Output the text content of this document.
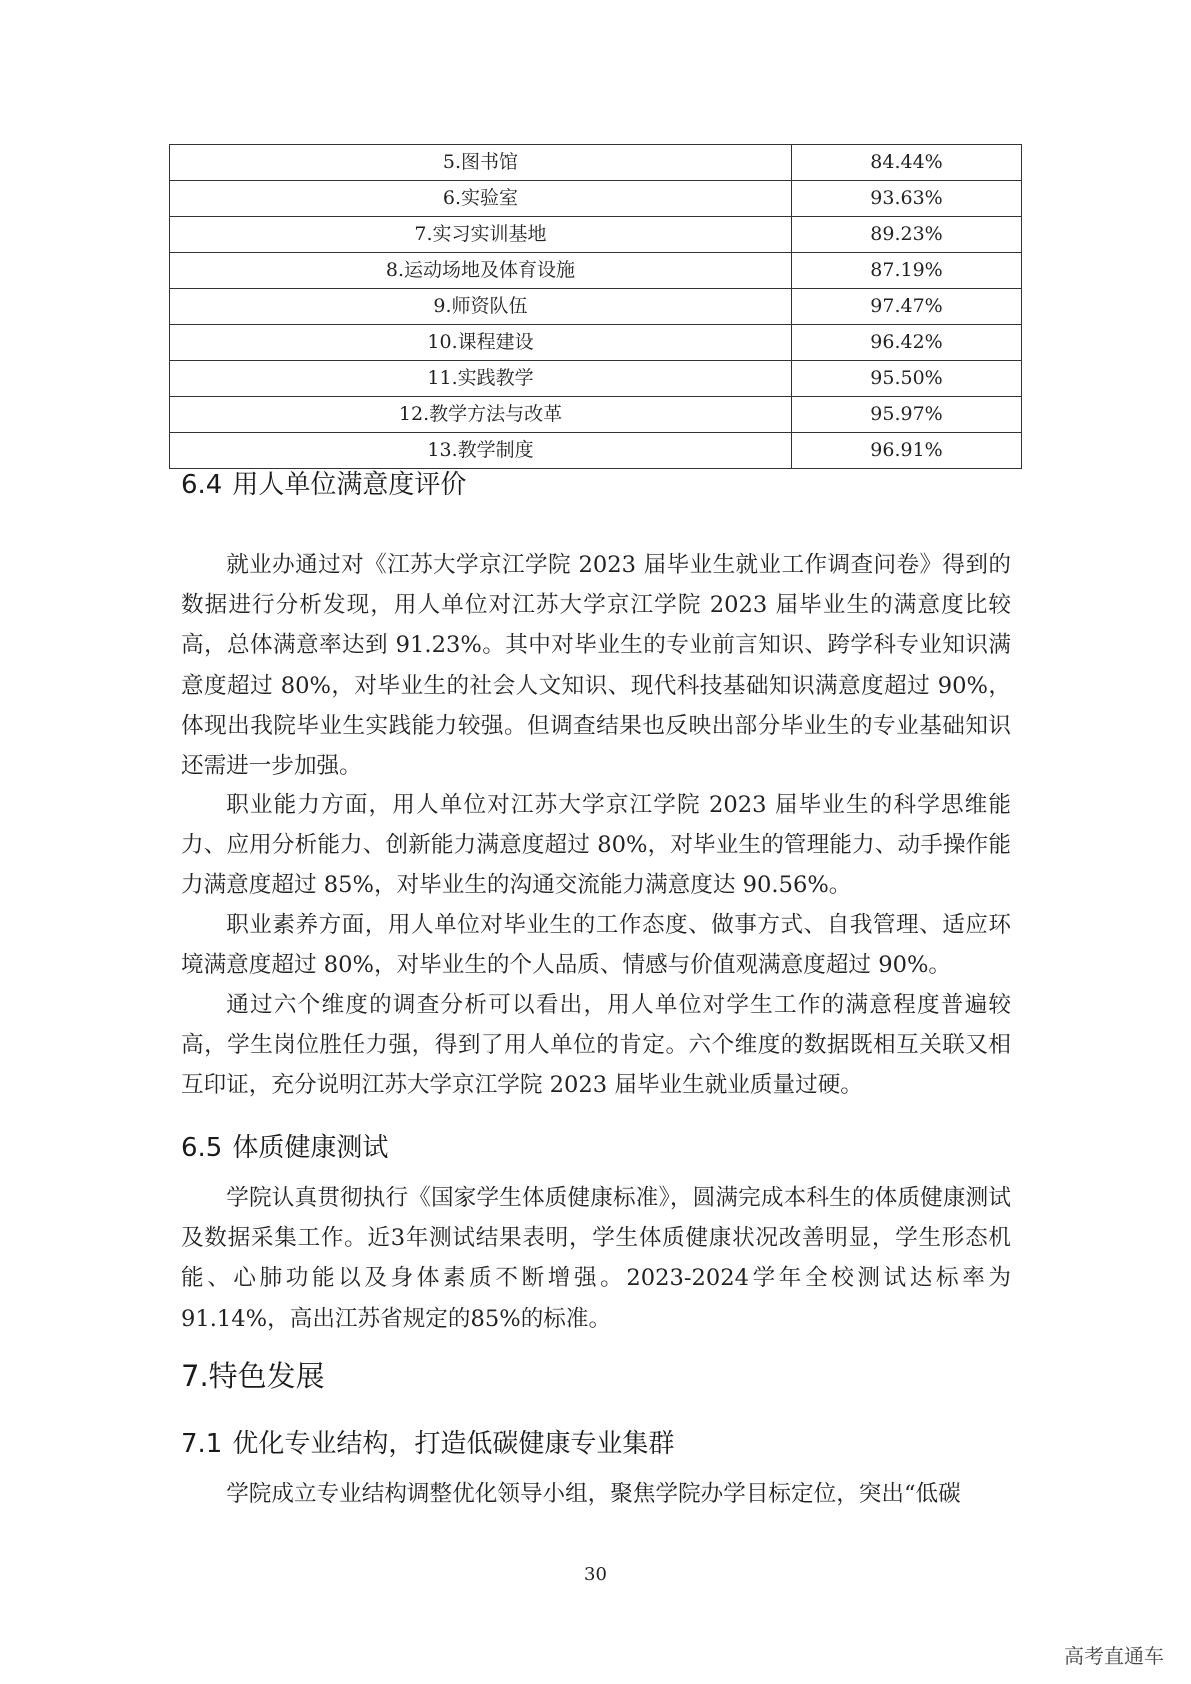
5.图书馆	84.44%
6.实验室	93.63%
7.实习实训基地	89.23%
8.运动场地及体育设施	87.19%
9.师资队伍	97.47%
10.课程建设	96.42%
11.实践教学	95.50%
12.教学方法与改革	95.97%
13.教学制度	96.91%
6.4 用人单位满意度评价

就业办通过对《江苏大学京江学院 2023 届毕业生就业工作调查问卷》得到的数据进行分析发现，用人单位对江苏大学京江学院 2023 届毕业生的满意度比较高，总体满意率达到 91.23%。其中对毕业生的专业前言知识、跨学科专业知识满意度超过 80%，对毕业生的社会人文知识、现代科技基础知识满意度超过 90%，体现出我院毕业生实践能力较强。但调查结果也反映出部分毕业生的专业基础知识还需进一步加强。

职业能力方面，用人单位对江苏大学京江学院 2023 届毕业生的科学思维能力、应用分析能力、创新能力满意度超过 80%，对毕业生的管理能力、动手操作能力满意度超过 85%，对毕业生的沟通交流能力满意度达 90.56%。

职业素养方面，用人单位对毕业生的工作态度、做事方式、自我管理、适应环境满意度超过 80%，对毕业生的个人品质、情感与价值观满意度超过 90%。

通过六个维度的调查分析可以看出，用人单位对学生工作的满意程度普遍较高，学生岗位胜任力强，得到了用人单位的肯定。六个维度的数据既相互关联又相互印证，充分说明江苏大学京江学院 2023 届毕业生就业质量过硬。

6.5 体质健康测试

学院认真贯彻执行《国家学生体质健康标准》，圆满完成本科生的体质健康测试及数据采集工作。近3年测试结果表明，学生体质健康状况改善明显，学生形态机能、心肺功能以及身体素质不断增强。2023-2024学年全校测试达标率为 91.14%，高出江苏省规定的85%的标准。

7.特色发展
7.1 优化专业结构，打造低碳健康专业集群

学院成立专业结构调整优化领导小组，聚焦学院办学目标定位，突出“低碳

30
高考直通车
